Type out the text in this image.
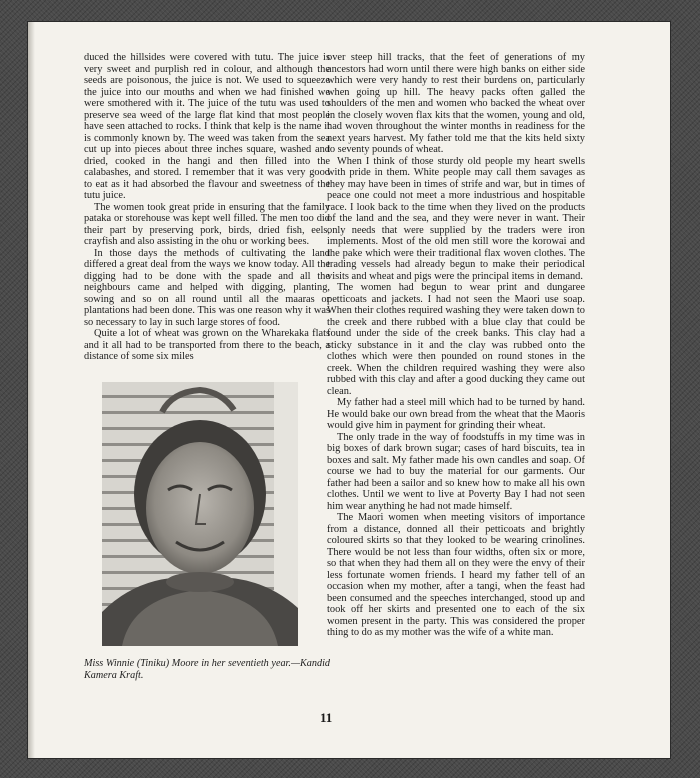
duced the hillsides were covered with tutu. The juice is very sweet and purplish red in colour, and although the seeds are poisonous, the juice is not. We used to squeeze the juice into our mouths and when we had finished we were smothered with it. The juice of the tutu was used to preserve sea weed of the large flat kind that most people have seen attached to rocks. I think that kelp is the name it is commonly known by. The weed was taken from the sea cut up into pieces about three inches square, washed and dried, cooked in the hangi and then filled into the calabashes, and stored. I remember that it was very good to eat as it had absorbed the flavour and sweetness of the tutu juice.

The women took great pride in ensuring that the family pataka or storehouse was kept well filled. The men too did their part by preserving pork, birds, dried fish, eels, crayfish and also assisting in the ohu or working bees.

In those days the methods of cultivating the land differed a great deal from the ways we know today. All the digging had to be done with the spade and all the neighbours came and helped with digging, planting, sowing and so on all round until all the maaras or plantations had been done. This was one reason why it was so necessary to lay in such large stores of food.

Quite a lot of wheat was grown on the Wharekaka flats and it all had to be transported from there to the beach, a distance of some six miles

Miss Winnie (Tiniku) Moore in her seventieth year.—Kandid Kamera Kraft.

over steep hill tracks, that the feet of generations of my ancestors had worn until there were high banks on either side which were very handy to rest their burdens on, particularly when going up hill. The heavy packs often galled the shoulders of the men and women who backed the wheat over in the closely woven flax kits that the women, young and old, had woven throughout the winter months in readiness for the next years harvest. My father told me that the kits held sixty to seventy pounds of wheat.

When I think of those sturdy old people my heart swells with pride in them. White people may call them savages as they may have been in times of strife and war, but in times of peace one could not meet a more industrious and hospitable race. I look back to the time when they lived on the products of the land and the sea, and they were never in want. Their only needs that were supplied by the traders were iron implements. Most of the old men still wore the korowai and the pake which were their traditional flax woven clothes. The trading vessels had already begun to make their periodical visits and wheat and pigs were the principal items in demand.

The women had begun to wear print and dungaree petticoats and jackets. I had not seen the Maori use soap. When their clothes required washing they were taken down to the creek and there rubbed with a blue clay that could be found under the side of the creek banks. This clay had a sticky substance in it and the clay was rubbed onto the clothes which were then pounded on round stones in the creek. When the children required washing they were also rubbed with this clay and after a good ducking they came out clean.

My father had a steel mill which had to be turned by hand. He would bake our own bread from the wheat that the Maoris would give him in payment for grinding their wheat.

The only trade in the way of foodstuffs in my time was in big boxes of dark brown sugar; cases of hard biscuits, tea in boxes and salt. My father made his own candles and soap. Of course we had to buy the material for our garments. Our father had been a sailor and so knew how to make all his own clothes. Until we went to live at Poverty Bay I had not seen him wear anything he had not made himself.

The Maori women when meeting visitors of importance from a distance, donned all their petticoats and brightly coloured skirts so that they looked to be wearing crinolines. There would be not less than four widths, often six or more, so that when they had them all on they were the envy of their less fortunate women friends. I heard my father tell of an occasion when my mother, after a tangi, when the feast had been consumed and the speeches interchanged, stood up and took off her skirts and presented one to each of the six women present in the party. This was considered the proper thing to do as my mother was the wife of a white man.

11
